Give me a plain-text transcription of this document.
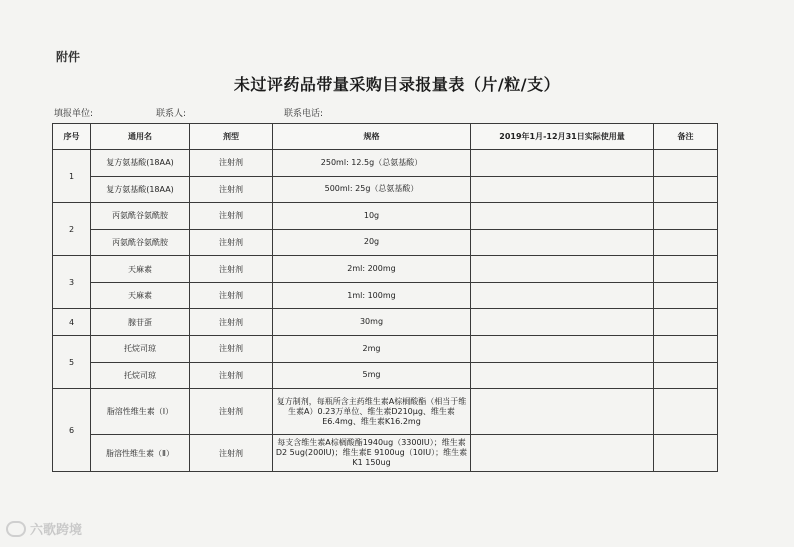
附件
未过评药品带量采购目录报量表（片/粒/支）
填报单位:	联系人:	联系电话:
序号	通用名	剂型	规格	2019年1月-12月31日实际使用量	备注
1	复方氨基酸(18AA)	注射剂	250ml: 12.5g（总氨基酸）		
	复方氨基酸(18AA)	注射剂	500ml: 25g（总氨基酸）		
2	丙氨酰谷氨酰胺	注射剂	10g		
	丙氨酰谷氨酰胺	注射剂	20g		
3	天麻素	注射剂	2ml: 200mg		
	天麻素	注射剂	1ml: 100mg		
4	腺苷蛋	注射剂	30mg		
5	托烷司琼	注射剂	2mg		
	托烷司琼	注射剂	5mg		
6	脂溶性维生素（Ⅰ）	注射剂	复方制剂，每瓶所含主药维生素A棕榈酸酯（相当于维生素A）0.23万单位、维生素D210μg、维生素E6.4mg、维生素K16.2mg		
	脂溶性维生素（Ⅱ）	注射剂	每支含维生素A棕榈酸酯1940ug（3300IU）；维生素D2 5ug(200IU)；维生素E 9100ug（10IU）；维生素K1 150ug		
六歌跨境
